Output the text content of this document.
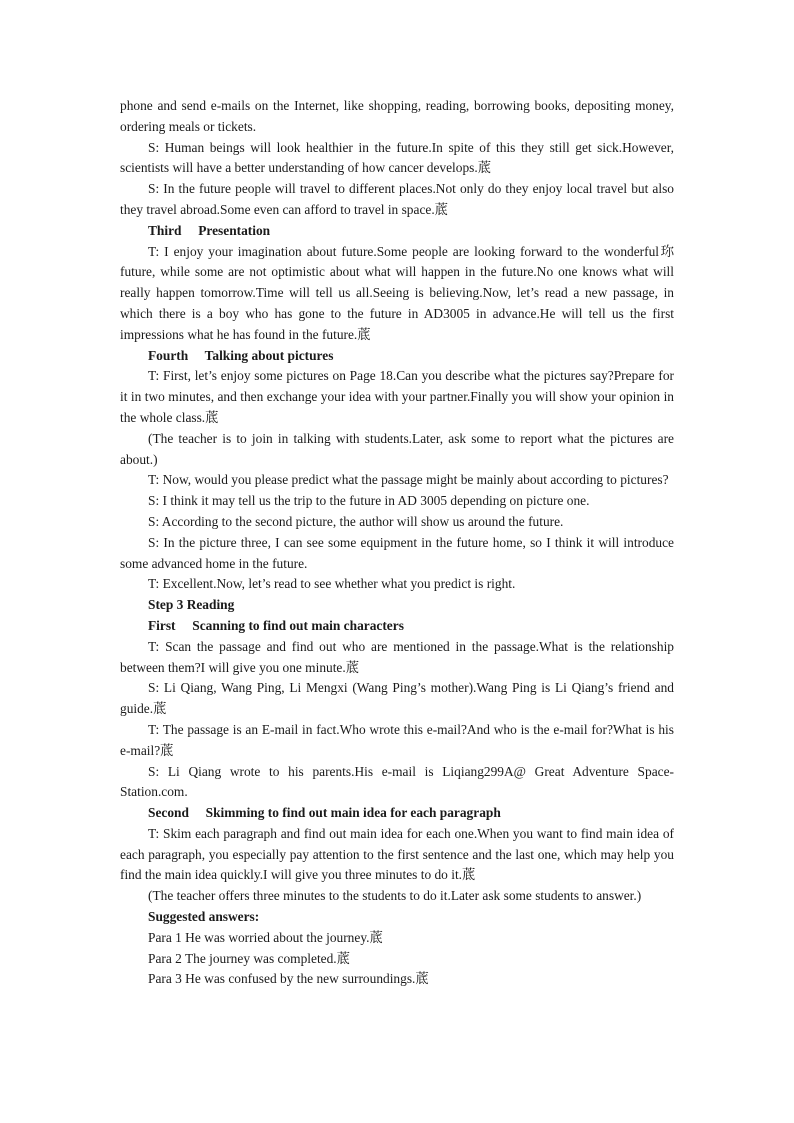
phone and send e-mails on the Internet, like shopping, reading, borrowing books, depositing money, ordering meals or tickets.

S: Human beings will look healthier in the future.In spite of this they still get sick.However, scientists will have a better understanding of how cancer develops.菧

S: In the future people will travel to different places.Not only do they enjoy local travel but also they travel abroad.Some even can afford to travel in space.菧

Third     Presentation

T: I enjoy your imagination about future.Some people are looking forward to the wonderful珎 future, while some are not optimistic about what will happen in the future.No one knows what will really happen tomorrow.Time will tell us all.Seeing is believing.Now, let’s read a new passage, in which there is a boy who has gone to the future in AD3005 in advance.He will tell us the first impressions what he has found in the future.菧

Fourth     Talking about pictures

T: First, let’s enjoy some pictures on Page 18.Can you describe what the pictures say?Prepare for it in two minutes, and then exchange your idea with your partner.Finally you will show your opinion in the whole class.菧

(The teacher is to join in talking with students.Later, ask some to report what the pictures are about.)

T: Now, would you please predict what the passage might be mainly about according to pictures?

S: I think it may tell us the trip to the future in AD 3005 depending on picture one.

S: According to the second picture, the author will show us around the future.

S: In the picture three, I can see some equipment in the future home, so I think it will introduce some advanced home in the future.

T: Excellent.Now, let’s read to see whether what you predict is right.

Step 3 Reading

First     Scanning to find out main characters

T: Scan the passage and find out who are mentioned in the passage.What is the relationship between them?I will give you one minute.菧

S: Li Qiang, Wang Ping, Li Mengxi (Wang Ping’s mother).Wang Ping is Li Qiang’s friend and guide.菧

T: The passage is an E-mail in fact.Who wrote this e-mail?And who is the e-mail for?What is his e-mail?菧

S: Li Qiang wrote to his parents.His e-mail is Liqiang299A@ Great Adventure Space-Station.com.

Second     Skimming to find out main idea for each paragraph

T: Skim each paragraph and find out main idea for each one.When you want to find main idea of each paragraph, you especially pay attention to the first sentence and the last one, which may help you find the main idea quickly.I will give you three minutes to do it.菧

(The teacher offers three minutes to the students to do it.Later ask some students to answer.)

Suggested answers:

Para 1 He was worried about the journey.菧

Para 2 The journey was completed.菧

Para 3 He was confused by the new surroundings.菧
